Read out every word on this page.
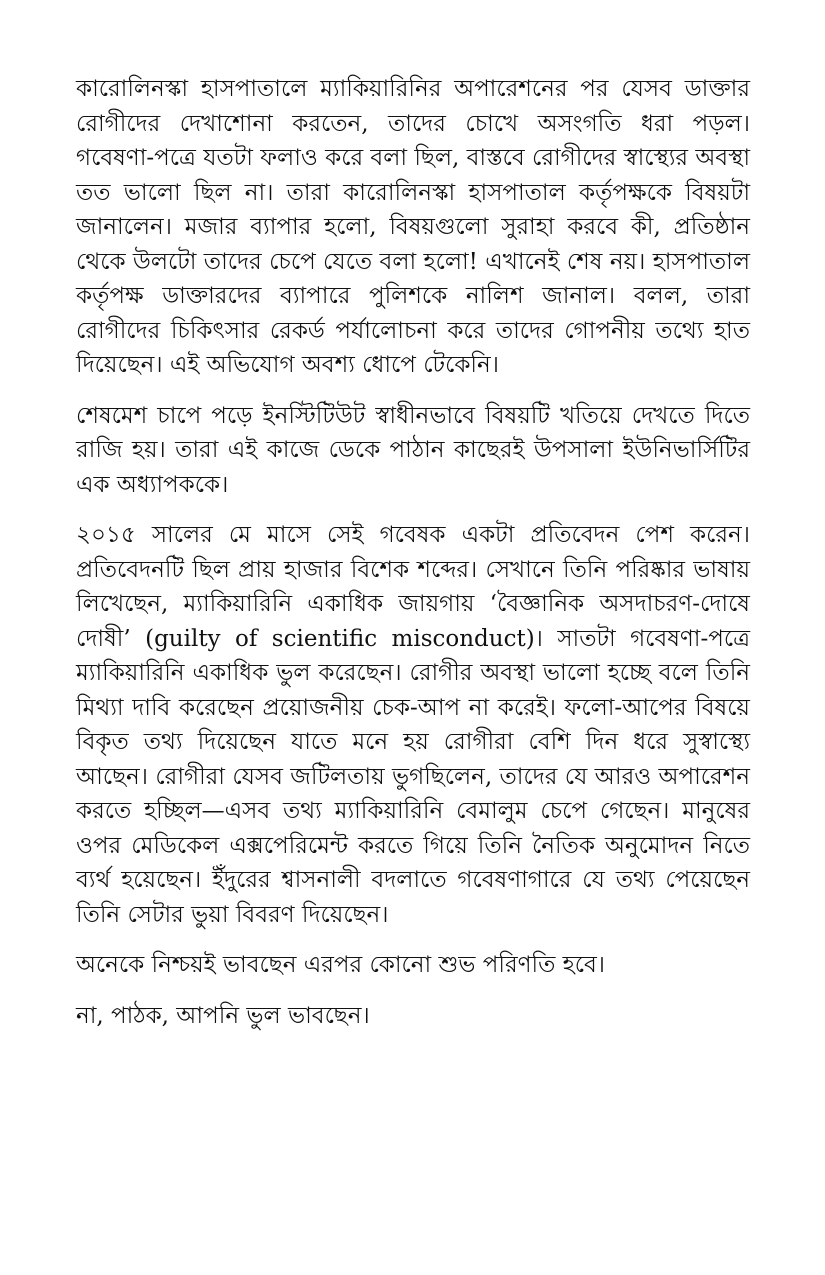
কারোলিনস্কা হাসপাতালে ম্যাকিয়ারিনির অপারেশনের পর যেসব ডাক্তার রোগীদের দেখাশোনা করতেন, তাদের চোখে অসংগতি ধরা পড়ল। গবেষণা-পত্রে যতটা ফলাও করে বলা ছিল, বাস্তবে রোগীদের স্বাস্থ্যের অবস্থা তত ভালো ছিল না। তারা কারোলিনস্কা হাসপাতাল কর্তৃপক্ষকে বিষয়টা জানালেন। মজার ব্যাপার হলো, বিষয়গুলো সুরাহা করবে কী, প্রতিষ্ঠান থেকে উলটো তাদের চেপে যেতে বলা হলো! এখানেই শেষ নয়। হাসপাতাল কর্তৃপক্ষ ডাক্তারদের ব্যাপারে পুলিশকে নালিশ জানাল। বলল, তারা রোগীদের চিকিৎসার রেকর্ড পর্যালোচনা করে তাদের গোপনীয় তথ্যে হাত দিয়েছেন। এই অভিযোগ অবশ্য ধোপে টেকেনি।

শেষমেশ চাপে পড়ে ইনস্টিটিউট স্বাধীনভাবে বিষয়টি খতিয়ে দেখতে দিতে রাজি হয়। তারা এই কাজে ডেকে পাঠান কাছেরই উপসালা ইউনিভার্সিটির এক অধ্যাপককে।

২০১৫ সালের মে মাসে সেই গবেষক একটা প্রতিবেদন পেশ করেন। প্রতিবেদনটি ছিল প্রায় হাজার বিশেক শব্দের। সেখানে তিনি পরিষ্কার ভাষায় লিখেছেন, ম্যাকিয়ারিনি একাধিক জায়গায় ‘বৈজ্ঞানিক অসদাচরণ-দোষে দোষী’ (guilty of scientific misconduct)। সাতটা গবেষণা-পত্রে ম্যাকিয়ারিনি একাধিক ভুল করেছেন। রোগীর অবস্থা ভালো হচ্ছে বলে তিনি মিথ্যা দাবি করেছেন প্রয়োজনীয় চেক-আপ না করেই। ফলো-আপের বিষয়ে বিকৃত তথ্য দিয়েছেন যাতে মনে হয় রোগীরা বেশি দিন ধরে সুস্বাস্থ্যে আছেন। রোগীরা যেসব জটিলতায় ভুগছিলেন, তাদের যে আরও অপারেশন করতে হচ্ছিল—এসব তথ্য ম্যাকিয়ারিনি বেমালুম চেপে গেছেন। মানুষের ওপর মেডিকেল এক্সপেরিমেন্ট করতে গিয়ে তিনি নৈতিক অনুমোদন নিতে ব্যর্থ হয়েছেন। ইঁদুরের শ্বাসনালী বদলাতে গবেষণাগারে যে তথ্য পেয়েছেন তিনি সেটার ভুয়া বিবরণ দিয়েছেন।

অনেকে নিশ্চয়ই ভাবছেন এরপর কোনো শুভ পরিণতি হবে।

না, পাঠক, আপনি ভুল ভাবছেন।
